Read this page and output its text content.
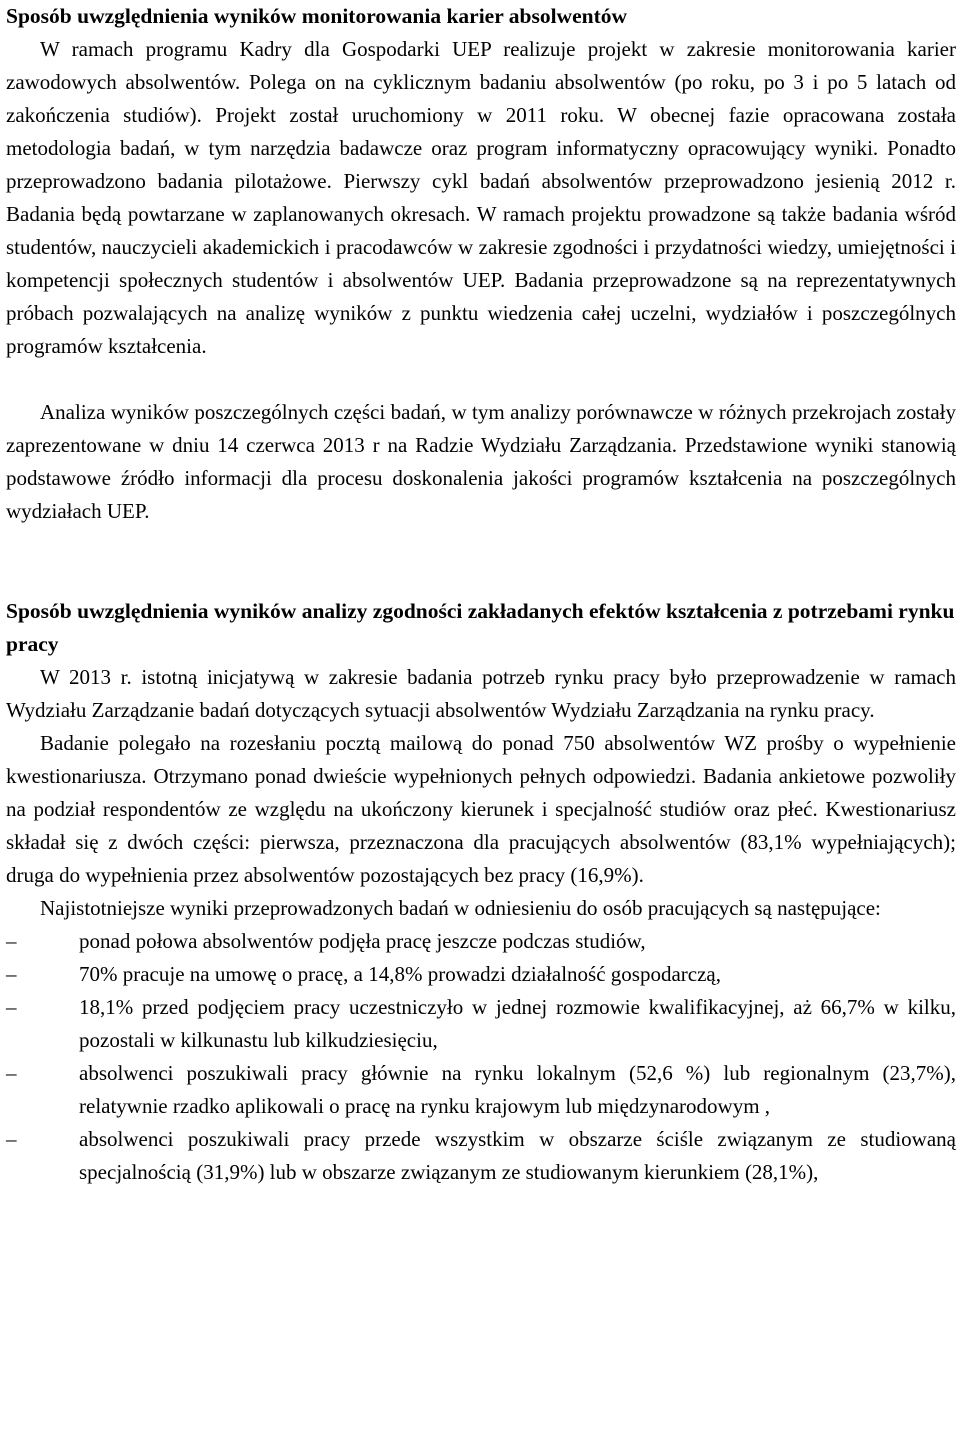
Sposób uwzględnienia wyników monitorowania karier absolwentów

W ramach programu Kadry dla Gospodarki UEP realizuje projekt w zakresie monitorowania karier zawodowych absolwentów. Polega on na cyklicznym badaniu absolwentów (po roku, po 3 i po 5 latach od zakończenia studiów). Projekt został uruchomiony w 2011 roku. W obecnej fazie opracowana została metodologia badań, w tym narzędzia badawcze oraz program informatyczny opracowujący wyniki. Ponadto przeprowadzono badania pilotażowe. Pierwszy cykl badań absolwentów przeprowadzono jesienią 2012 r. Badania będą powtarzane w zaplanowanych okresach. W ramach projektu prowadzone są także badania wśród studentów, nauczycieli akademickich i pracodawców w zakresie zgodności i przydatności wiedzy, umiejętności i kompetencji społecznych studentów i absolwentów UEP. Badania przeprowadzone są na reprezentatywnych próbach pozwalających na analizę wyników z punktu wiedzenia całej uczelni, wydziałów i poszczególnych programów kształcenia.

Analiza wyników poszczególnych części badań, w tym analizy porównawcze w różnych przekrojach zostały zaprezentowane w dniu 14 czerwca 2013 r na Radzie Wydziału Zarządzania. Przedstawione wyniki stanowią podstawowe źródło informacji dla procesu doskonalenia jakości programów kształcenia na poszczególnych wydziałach UEP.

Sposób uwzględnienia wyników analizy zgodności zakładanych efektów kształcenia z potrzebami rynku pracy

W 2013 r. istotną inicjatywą w zakresie badania potrzeb rynku pracy było przeprowadzenie w ramach Wydziału Zarządzanie badań dotyczących sytuacji absolwentów Wydziału Zarządzania na rynku pracy.

Badanie polegało na rozesłaniu pocztą mailową do ponad 750 absolwentów WZ prośby o wypełnienie kwestionariusza. Otrzymano ponad dwieście wypełnionych pełnych odpowiedzi. Badania ankietowe pozwoliły na podział respondentów ze względu na ukończony kierunek i specjalność studiów oraz płeć. Kwestionariusz składał się z dwóch części: pierwsza, przeznaczona dla pracujących absolwentów (83,1% wypełniających); druga do wypełnienia przez absolwentów pozostających bez pracy (16,9%).

Najistotniejsze wyniki przeprowadzonych badań w odniesieniu do osób pracujących są następujące:

–	ponad połowa absolwentów podjęła pracę jeszcze podczas studiów,
–	70% pracuje na umowę o pracę, a 14,8% prowadzi działalność gospodarczą,
–	18,1% przed podjęciem pracy uczestniczyło w jednej rozmowie kwalifikacyjnej, aż 66,7% w kilku, pozostali w kilkunastu lub kilkudziesięciu,
–	absolwenci poszukiwali pracy głównie na rynku lokalnym (52,6 %) lub regionalnym (23,7%), relatywnie rzadko aplikowali o pracę na rynku krajowym lub międzynarodowym ,
–	absolwenci poszukiwali pracy przede wszystkim w obszarze ściśle związanym ze studiowaną specjalnością (31,9%) lub w obszarze związanym ze studiowanym kierunkiem (28,1%),
